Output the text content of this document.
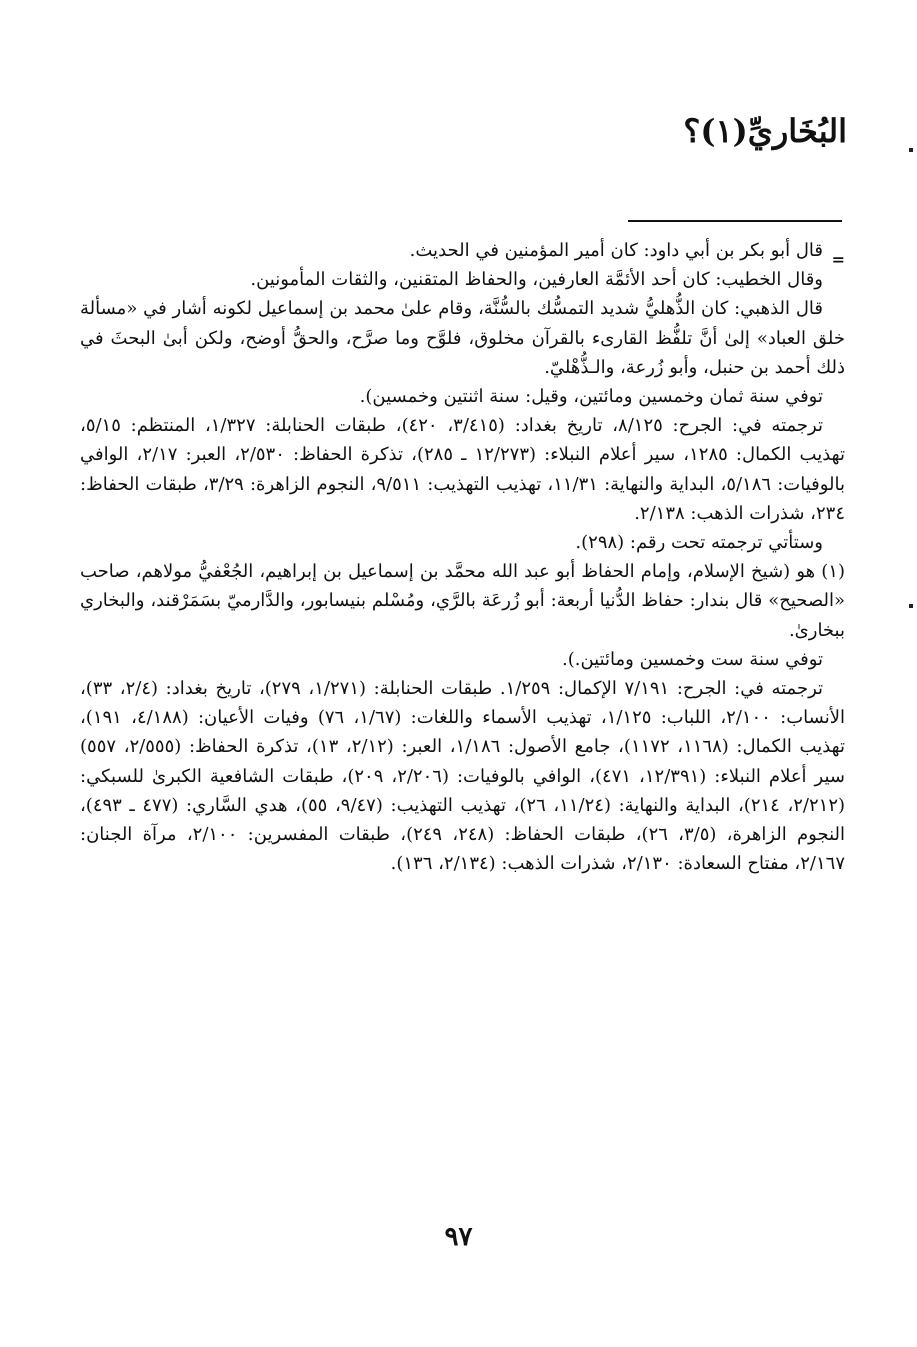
البُخَاريِّ(١)؟
=

قال أبو بكر بن أبي داود: كان أمير المؤمنين في الحديث.

وقال الخطيب: كان أحد الأئمَّة العارفين، والحفاظ المتقنين، والثقات المأمونين.

قال الذهبي: كان الذُّهليُّ شديد التمسُّك بالسُّنَّة، وقام علىٰ محمد بن إسماعيل لكونه أشار في «مسألة خلق العباد» إلىٰ أنَّ تلفُّظ القارىء بالقرآن مخلوق، فلوَّح وما صرَّح، والحقُّ أوضح، ولكن أبىٰ البحثَ في ذلك أحمد بن حنبل، وأبو زُرعة، والـذُّهْليّ.

توفي سنة ثمان وخمسين ومائتين، وقيل: سنة اثنتين وخمسين).

ترجمته في: الجرح: ٨/١٢٥، تاريخ بغداد: (٣/٤١٥، ٤٢٠)، طبقات الحنابلة: ١/٣٢٧، المنتظم: ٥/١٥، تهذيب الكمال: ١٢٨٥، سير أعلام النبلاء: (١٢/٢٧٣ ـ ٢٨٥)، تذكرة الحفاظ: ٢/٥٣٠، العبر: ٢/١٧، الوافي بالوفيات: ٥/١٨٦، البداية والنهاية: ١١/٣١، تهذيب التهذيب: ٩/٥١١، النجوم الزاهرة: ٣/٢٩، طبقات الحفاظ: ٢٣٤، شذرات الذهب: ٢/١٣٨.

وستأتي ترجمته تحت رقم: (٢٩٨).

(١) هو (شيخ الإسلام، وإمام الحفاظ أبو عبد الله محمَّد بن إسماعيل بن إبراهيم، الجُعْفيُّ مولاهم، صاحب «الصحيح» قال بندار: حفاظ الدُّنيا أربعة: أبو زُرعَة بالرَّي، ومُسْلم بنيسابور، والدَّارميّ بسَمَرْقند، والبخاري ببخارىٰ.

توفي سنة ست وخمسين ومائتين.).

ترجمته في: الجرح: ٧/١٩١ الإكمال: ١/٢٥٩. طبقات الحنابلة: (١/٢٧١، ٢٧٩)، تاريخ بغداد: (٢/٤، ٣٣)، الأنساب: ٢/١٠٠، اللباب: ١/١٢٥، تهذيب الأسماء واللغات: (١/٦٧، ٧٦) وفيات الأعيان: (٤/١٨٨، ١٩١)، تهذيب الكمال: (١١٦٨، ١١٧٢)، جامع الأصول: ١/١٨٦، العبر: (٢/١٢، ١٣)، تذكرة الحفاظ: (٢/٥٥٥، ٥٥٧) سير أعلام النبلاء: (١٢/٣٩١، ٤٧١)، الوافي بالوفيات: (٢/٢٠٦، ٢٠٩)، طبقات الشافعية الكبرىٰ للسبكي: (٢/٢١٢، ٢١٤)، البداية والنهاية: (١١/٢٤، ٢٦)، تهذيب التهذيب: (٩/٤٧، ٥٥)، هدي السَّاري: (٤٧٧ ـ ٤٩٣)، النجوم الزاهرة، (٣/٥، ٢٦)، طبقات الحفاظ: (٢٤٨، ٢٤٩)، طبقات المفسرين: ٢/١٠٠، مرآة الجنان: ٢/١٦٧، مفتاح السعادة: ٢/١٣٠، شذرات الذهب: (٢/١٣٤، ١٣٦).

٩٧
